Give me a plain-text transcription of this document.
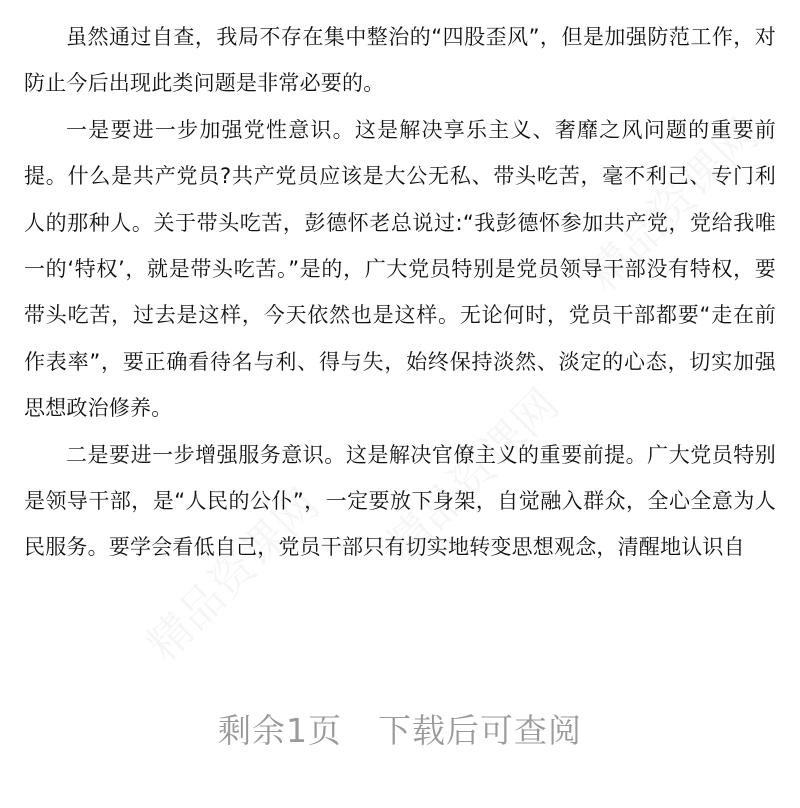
精品资课网
精品资课网
精品资课网

虽然通过自查，我局不存在集中整治的“四股歪风”，但是加强防范工作，对防止今后出现此类问题是非常必要的。

一是要进一步加强党性意识。这是解决享乐主义、奢靡之风问题的重要前提。什么是共产党员?共产党员应该是大公无私、带头吃苦，毫不利己、专门利人的那种人。关于带头吃苦，彭德怀老总说过:“我彭德怀参加共产党，党给我唯一的‘特权’，就是带头吃苦。”是的，广大党员特别是党员领导干部没有特权，要带头吃苦，过去是这样，今天依然也是这样。无论何时，党员干部都要“走在前作表率”，要正确看待名与利、得与失，始终保持淡然、淡定的心态，切实加强思想政治修养。

二是要进一步增强服务意识。这是解决官僚主义的重要前提。广大党员特别是领导干部，是“人民的公仆”，一定要放下身架，自觉融入群众，全心全意为人民服务。要学会看低自己，党员干部只有切实地转变思想观念，清醒地认识自

剩余1页 下载后可查阅
